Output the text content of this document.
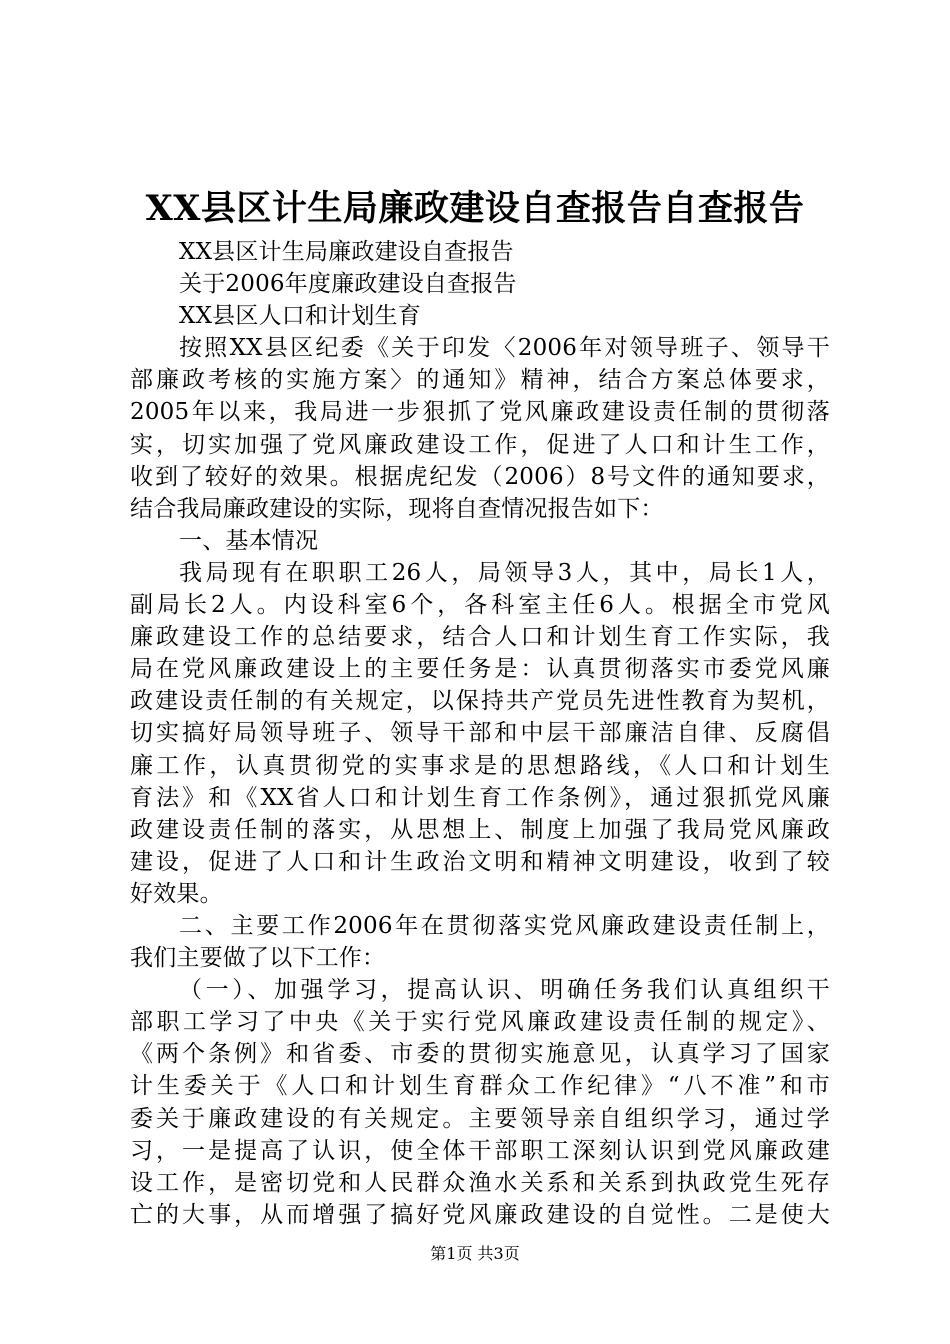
XX县区计生局廉政建设自查报告自查报告
XX县区计生局廉政建设自查报告
关于2006年度廉政建设自查报告
XX县区人口和计划生育
按照XX县区纪委《关于印发〈2006年对领导班子、领导干
部廉政考核的实施方案〉的通知》精神，结合方案总体要求，
2005年以来，我局进一步狠抓了党风廉政建设责任制的贯彻落
实，切实加强了党风廉政建设工作，促进了人口和计生工作，
收到了较好的效果。根据虎纪发（2006）8号文件的通知要求，
结合我局廉政建设的实际，现将自查情况报告如下：
一、基本情况
我局现有在职职工26人，局领导3人，其中，局长1人，
副局长2人。内设科室6个，各科室主任6人。根据全市党风
廉政建设工作的总结要求，结合人口和计划生育工作实际，我
局在党风廉政建设上的主要任务是：认真贯彻落实市委党风廉
政建设责任制的有关规定，以保持共产党员先进性教育为契机，
切实搞好局领导班子、领导干部和中层干部廉洁自律、反腐倡
廉工作，认真贯彻党的实事求是的思想路线，《人口和计划生
育法》和《XX省人口和计划生育工作条例》，通过狠抓党风廉
政建设责任制的落实，从思想上、制度上加强了我局党风廉政
建设，促进了人口和计生政治文明和精神文明建设，收到了较
好效果。
二、主要工作2006年在贯彻落实党风廉政建设责任制上，
我们主要做了以下工作：
（一）、加强学习，提高认识、明确任务我们认真组织干
部职工学习了中央《关于实行党风廉政建设责任制的规定》、
《两个条例》和省委、市委的贯彻实施意见，认真学习了国家
计生委关于《人口和计划生育群众工作纪律》“八不准”和市
委关于廉政建设的有关规定。主要领导亲自组织学习，通过学
习，一是提高了认识，使全体干部职工深刻认识到党风廉政建
设工作，是密切党和人民群众渔水关系和关系到执政党生死存
亡的大事，从而增强了搞好党风廉政建设的自觉性。二是使大
第1页 共3页
